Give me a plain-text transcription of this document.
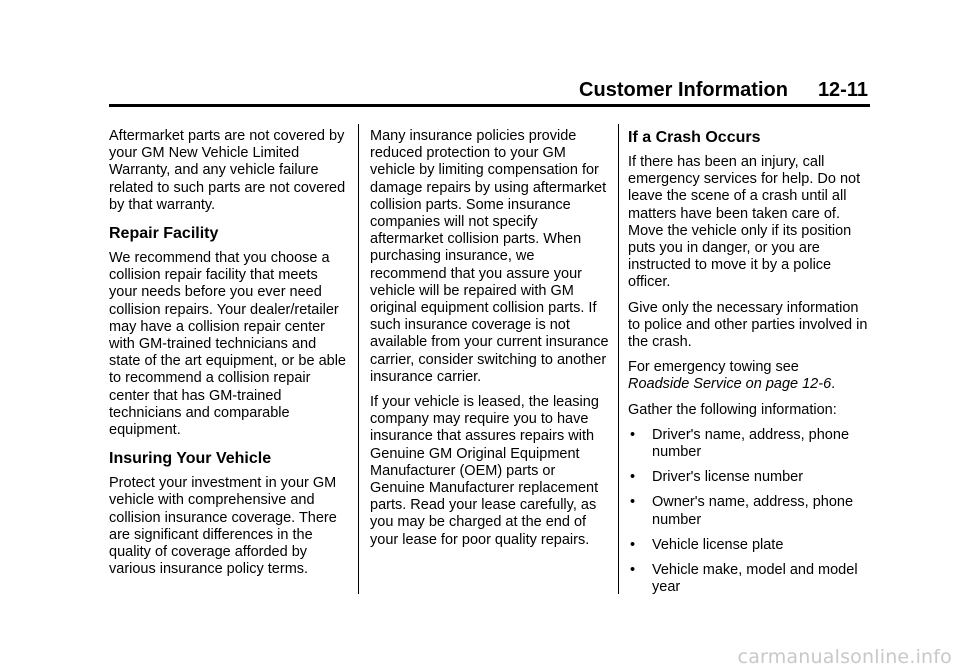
Customer Information 12-11

Aftermarket parts are not covered by your GM New Vehicle Limited Warranty, and any vehicle failure related to such parts are not covered by that warranty.

Repair Facility

We recommend that you choose a collision repair facility that meets your needs before you ever need collision repairs. Your dealer/retailer may have a collision repair center with GM-trained technicians and state of the art equipment, or be able to recommend a collision repair center that has GM-trained technicians and comparable equipment.

Insuring Your Vehicle

Protect your investment in your GM vehicle with comprehensive and collision insurance coverage. There are significant differences in the quality of coverage afforded by various insurance policy terms.

Many insurance policies provide reduced protection to your GM vehicle by limiting compensation for damage repairs by using aftermarket collision parts. Some insurance companies will not specify aftermarket collision parts. When purchasing insurance, we recommend that you assure your vehicle will be repaired with GM original equipment collision parts. If such insurance coverage is not available from your current insurance carrier, consider switching to another insurance carrier.

If your vehicle is leased, the leasing company may require you to have insurance that assures repairs with Genuine GM Original Equipment Manufacturer (OEM) parts or Genuine Manufacturer replacement parts. Read your lease carefully, as you may be charged at the end of your lease for poor quality repairs.

If a Crash Occurs

If there has been an injury, call emergency services for help. Do not leave the scene of a crash until all matters have been taken care of. Move the vehicle only if its position puts you in danger, or you are instructed to move it by a police officer.

Give only the necessary information to police and other parties involved in the crash.

For emergency towing see
Roadside Service on page 12-6.

Gather the following information:

• Driver's name, address, phone number
• Driver's license number
• Owner's name, address, phone number
• Vehicle license plate
• Vehicle make, model and model year
carmanualsonline.info
